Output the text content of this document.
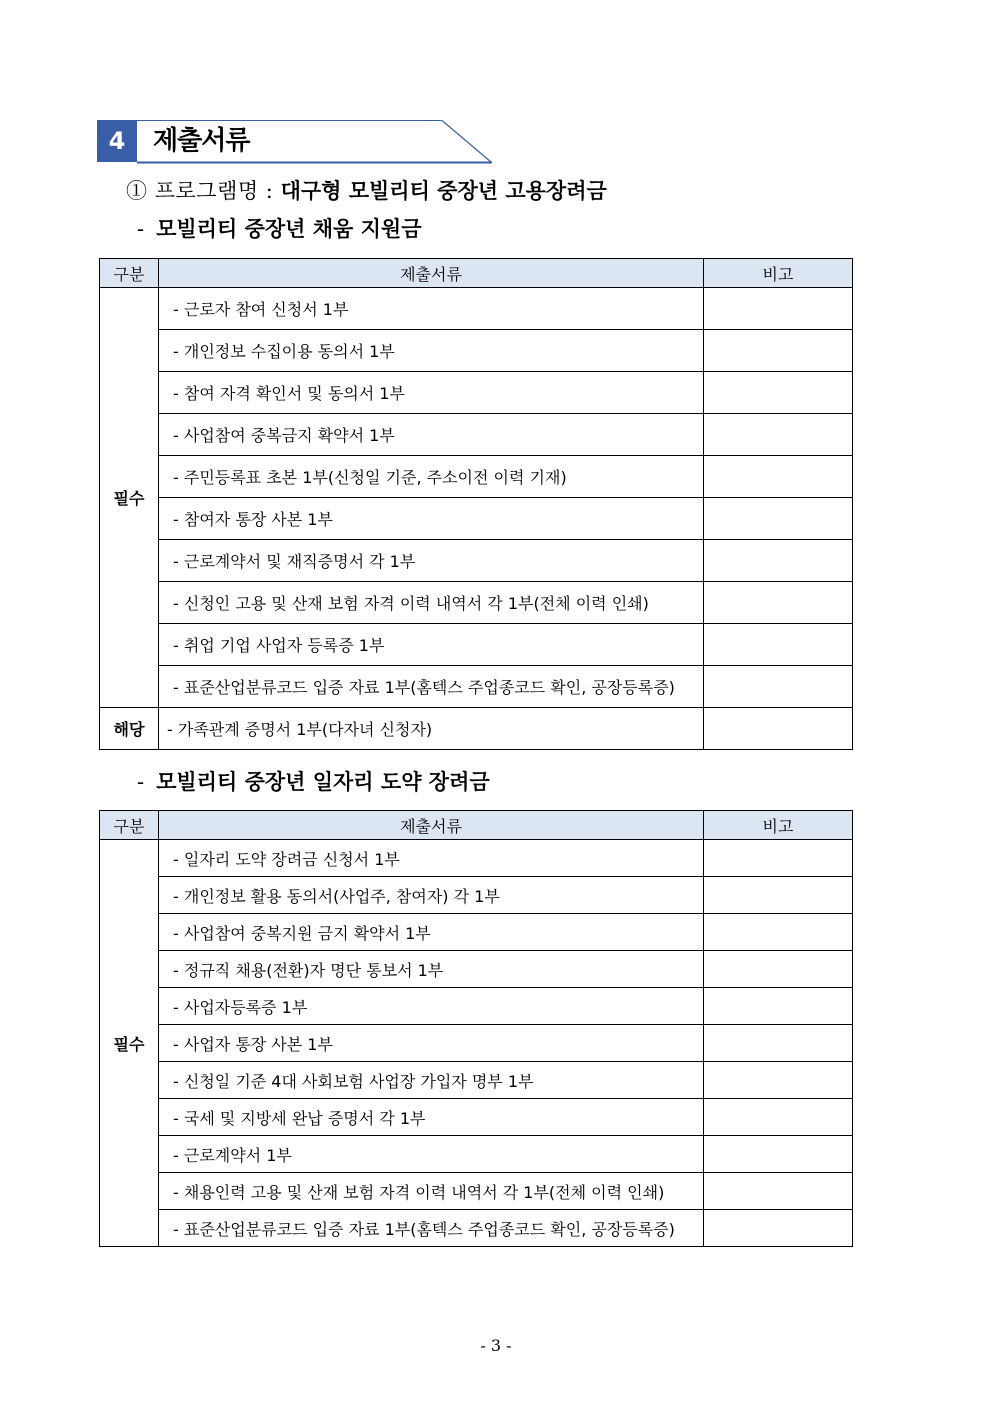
4	제출서류
① 프로그램명 : 대구형 모빌리티 중장년 고용장려금
- 모빌리티 중장년 채움 지원금
구분	제출서류	비고
필수	- 근로자 참여 신청서 1부	
	- 개인정보 수집이용 동의서 1부	
	- 참여 자격 확인서 및 동의서 1부	
	- 사업참여 중복금지 확약서 1부	
	- 주민등록표 초본 1부(신청일 기준, 주소이전 이력 기재)	
	- 참여자 통장 사본 1부	
	- 근로계약서 및 재직증명서 각 1부	
	- 신청인 고용 및 산재 보험 자격 이력 내역서 각 1부(전체 이력 인쇄)	
	- 취업 기업 사업자 등록증 1부	
	- 표준산업분류코드 입증 자료 1부(홈텍스 주업종코드 확인, 공장등록증)	
해당	- 가족관계 증명서 1부(다자녀 신청자)	
- 모빌리티 중장년 일자리 도약 장려금
구분	제출서류	비고
필수	- 일자리 도약 장려금 신청서 1부	
	- 개인정보 활용 동의서(사업주, 참여자) 각 1부	
	- 사업참여 중복지원 금지 확약서 1부	
	- 정규직 채용(전환)자 명단 통보서 1부	
	- 사업자등록증 1부	
	- 사업자 통장 사본 1부	
	- 신청일 기준 4대 사회보험 사업장 가입자 명부 1부	
	- 국세 및 지방세 완납 증명서 각 1부	
	- 근로계약서 1부	
	- 채용인력 고용 및 산재 보험 자격 이력 내역서 각 1부(전체 이력 인쇄)	
	- 표준산업분류코드 입증 자료 1부(홈텍스 주업종코드 확인, 공장등록증)	
- 3 -
